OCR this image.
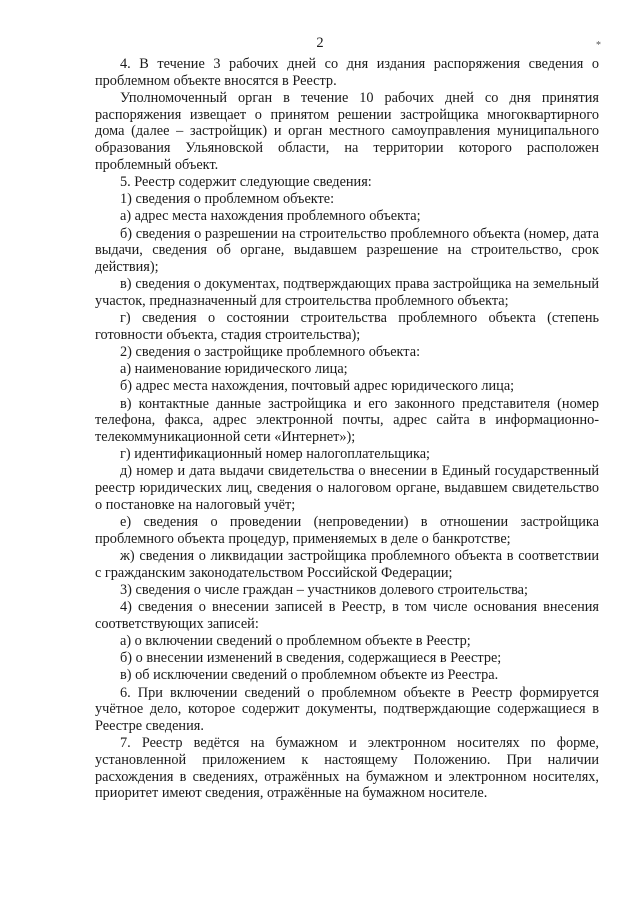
2	*

4. В течение 3 рабочих дней со дня издания распоряжения сведения о проблемном объекте вносятся в Реестр.

Уполномоченный орган в течение 10 рабочих дней со дня принятия распоряжения извещает о принятом решении застройщика многоквартирного дома (далее – застройщик) и орган местного самоуправления муниципального образования Ульяновской области, на территории которого расположен проблемный объект.

5. Реестр содержит следующие сведения:

1) сведения о проблемном объекте:

а) адрес места нахождения проблемного объекта;

б) сведения о разрешении на строительство проблемного объекта (номер, дата выдачи, сведения об органе, выдавшем разрешение на строительство, срок действия);

в) сведения о документах, подтверждающих права застройщика на земельный участок, предназначенный для строительства проблемного объекта;

г) сведения о состоянии строительства проблемного объекта (степень готовности объекта, стадия строительства);

2) сведения о застройщике проблемного объекта:

а) наименование юридического лица;

б) адрес места нахождения, почтовый адрес юридического лица;

в) контактные данные застройщика и его законного представителя (номер телефона, факса, адрес электронной почты, адрес сайта в информационно-телекоммуникационной сети «Интернет»);

г) идентификационный номер налогоплательщика;

д) номер и дата выдачи свидетельства о внесении в Единый государственный реестр юридических лиц, сведения о налоговом органе, выдавшем свидетельство о постановке на налоговый учёт;

е) сведения о проведении (непроведении) в отношении застройщика проблемного объекта процедур, применяемых в деле о банкротстве;

ж) сведения о ликвидации застройщика проблемного объекта в соответствии с гражданским законодательством Российской Федерации;

3) сведения о числе граждан – участников долевого строительства;

4) сведения о внесении записей в Реестр, в том числе основания внесения соответствующих записей:

а) о включении сведений о проблемном объекте в Реестр;

б) о внесении изменений в сведения, содержащиеся в Реестре;

в) об исключении сведений о проблемном объекте из Реестра.

6. При включении сведений о проблемном объекте в Реестр формируется учётное дело, которое содержит документы, подтверждающие содержащиеся в Реестре сведения.

7. Реестр ведётся на бумажном и электронном носителях по форме, установленной приложением к настоящему Положению. При наличии расхождения в сведениях, отражённых на бумажном и электронном носителях, приоритет имеют сведения, отражённые на бумажном носителе.
